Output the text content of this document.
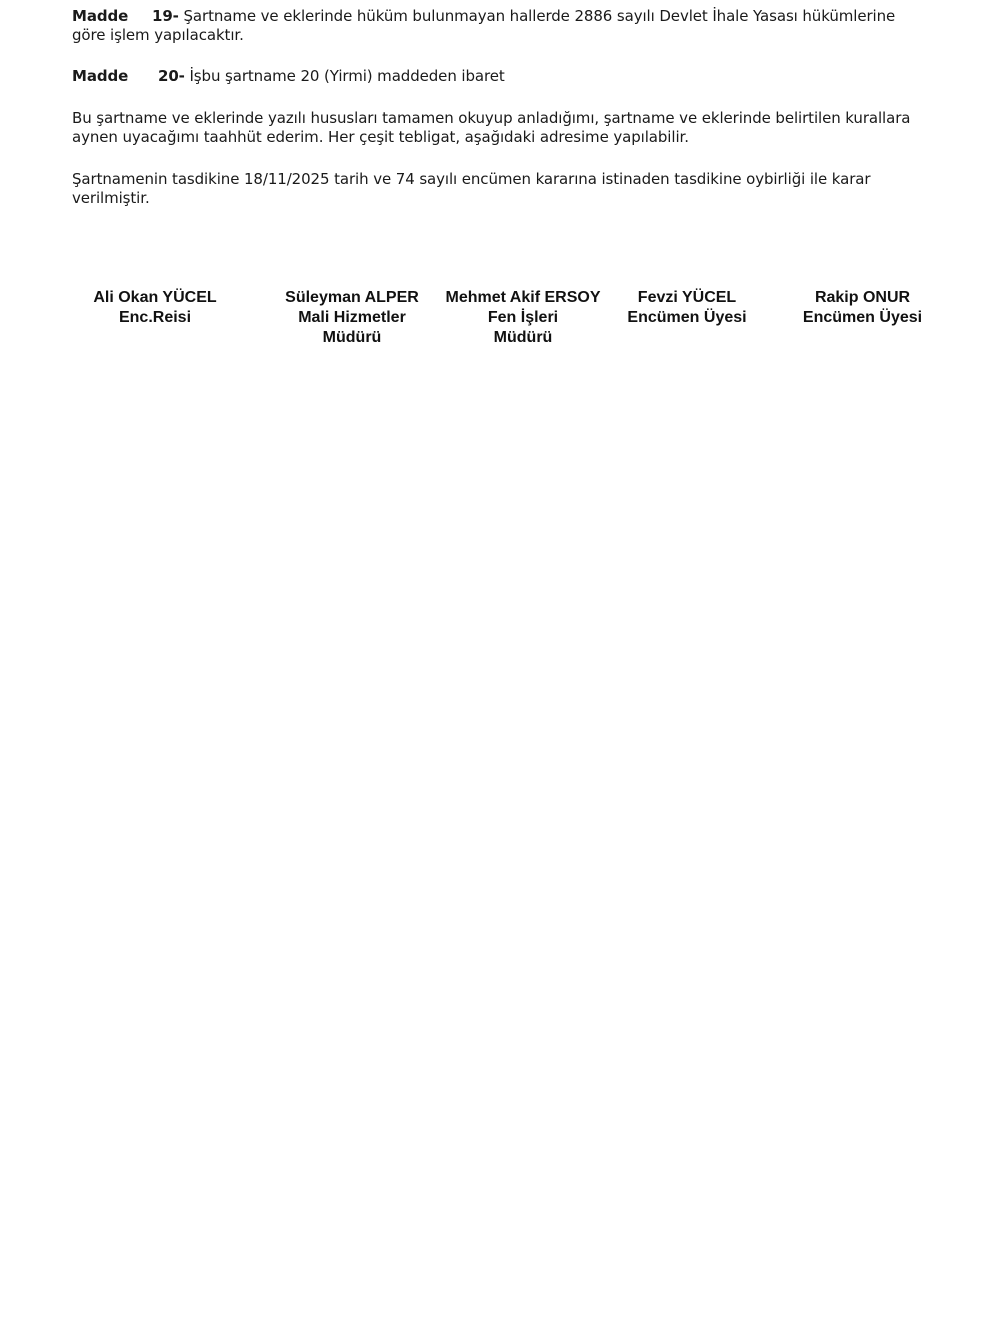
Madde 19- Şartname ve eklerinde hüküm bulunmayan hallerde 2886 sayılı Devlet İhale Yasası hükümlerine göre işlem yapılacaktır.
Madde 20- İşbu şartname 20 (Yirmi) maddeden ibaret
Bu şartname ve eklerinde yazılı hususları tamamen okuyup anladığımı, şartname ve eklerinde belirtilen kurallara aynen uyacağımı taahhüt ederim. Her çeşit tebligat, aşağıdaki adresime yapılabilir.
Şartnamenin tasdikine 18/11/2025 tarih ve 74 sayılı encümen kararına istinaden tasdikine oybirliği ile karar verilmiştir.
Ali Okan YÜCEL
Enc.Reisi
Süleyman ALPER
Mali Hizmetler
Müdürü
Mehmet Akif ERSOY
Fen İşleri
Müdürü
Fevzi YÜCEL
Encümen Üyesi
Rakip ONUR
Encümen Üyesi
